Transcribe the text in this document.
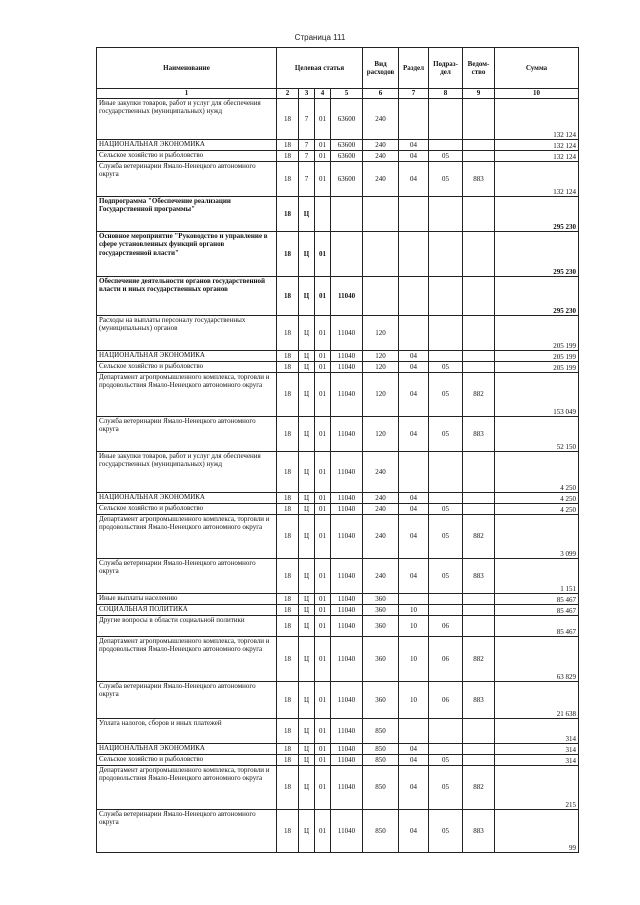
Страница 111
Наименование	Целевая статья				Вид расходов	Раздел	Подраз-дел	Ведом-ство	Сумма
1	2	3	4	5	6	7	8	9	10
Иные закупки товаров, работ и услуг для обеспечения государственных (муниципальных) нужд	18	7	01	63600	240				132 124
НАЦИОНАЛЬНАЯ ЭКОНОМИКА	18	7	01	63600	240	04			132 124
Сельское хозяйство и рыболовство	18	7	01	63600	240	04	05		132 124
Служба ветеринарии Ямало-Ненецкого автономного округа	18	7	01	63600	240	04	05	883	132 124
Подпрограмма "Обеспечение реализации Государственной программы"	18	Ц							295 230
Основное мероприятие "Руководство и управление в сфере установленных функций органов государственной власти"	18	Ц	01						295 230
Обеспечение деятельности органов государственной власти и иных государственных органов	18	Ц	01	11040					295 230
Расходы на выплаты персоналу государственных (муниципальных) органов	18	Ц	01	11040	120				205 199
НАЦИОНАЛЬНАЯ ЭКОНОМИКА	18	Ц	01	11040	120	04			205 199
Сельское хозяйство и рыболовство	18	Ц	01	11040	120	04	05		205 199
Департамент агропромышленного комплекса, торговли и продовольствия Ямало-Ненецкого автономного округа	18	Ц	01	11040	120	04	05	882	153 049
Служба ветеринарии Ямало-Ненецкого автономного округа	18	Ц	01	11040	120	04	05	883	52 150
Иные закупки товаров, работ и услуг для обеспечения государственных (муниципальных) нужд	18	Ц	01	11040	240				4 250
НАЦИОНАЛЬНАЯ ЭКОНОМИКА	18	Ц	01	11040	240	04			4 250
Сельское хозяйство и рыболовство	18	Ц	01	11040	240	04	05		4 250
Департамент агропромышленного комплекса, торговли и продовольствия Ямало-Ненецкого автономного округа	18	Ц	01	11040	240	04	05	882	3 099
Служба ветеринарии Ямало-Ненецкого автономного округа	18	Ц	01	11040	240	04	05	883	1 151
Иные выплаты населению	18	Ц	01	11040	360				85 467
СОЦИАЛЬНАЯ ПОЛИТИКА	18	Ц	01	11040	360	10			85 467
Другие вопросы в области социальной политики	18	Ц	01	11040	360	10	06		85 467
Департамент агропромышленного комплекса, торговли и продовольствия Ямало-Ненецкого автономного округа	18	Ц	01	11040	360	10	06	882	63 829
Служба ветеринарии Ямало-Ненецкого автономного округа	18	Ц	01	11040	360	10	06	883	21 638
Уплата налогов, сборов и иных платежей	18	Ц	01	11040	850				314
НАЦИОНАЛЬНАЯ ЭКОНОМИКА	18	Ц	01	11040	850	04			314
Сельское хозяйство и рыболовство	18	Ц	01	11040	850	04	05		314
Департамент агропромышленного комплекса, торговли и продовольствия Ямало-Ненецкого автономного округа	18	Ц	01	11040	850	04	05	882	215
Служба ветеринарии Ямало-Ненецкого автономного округа	18	Ц	01	11040	850	04	05	883	99
